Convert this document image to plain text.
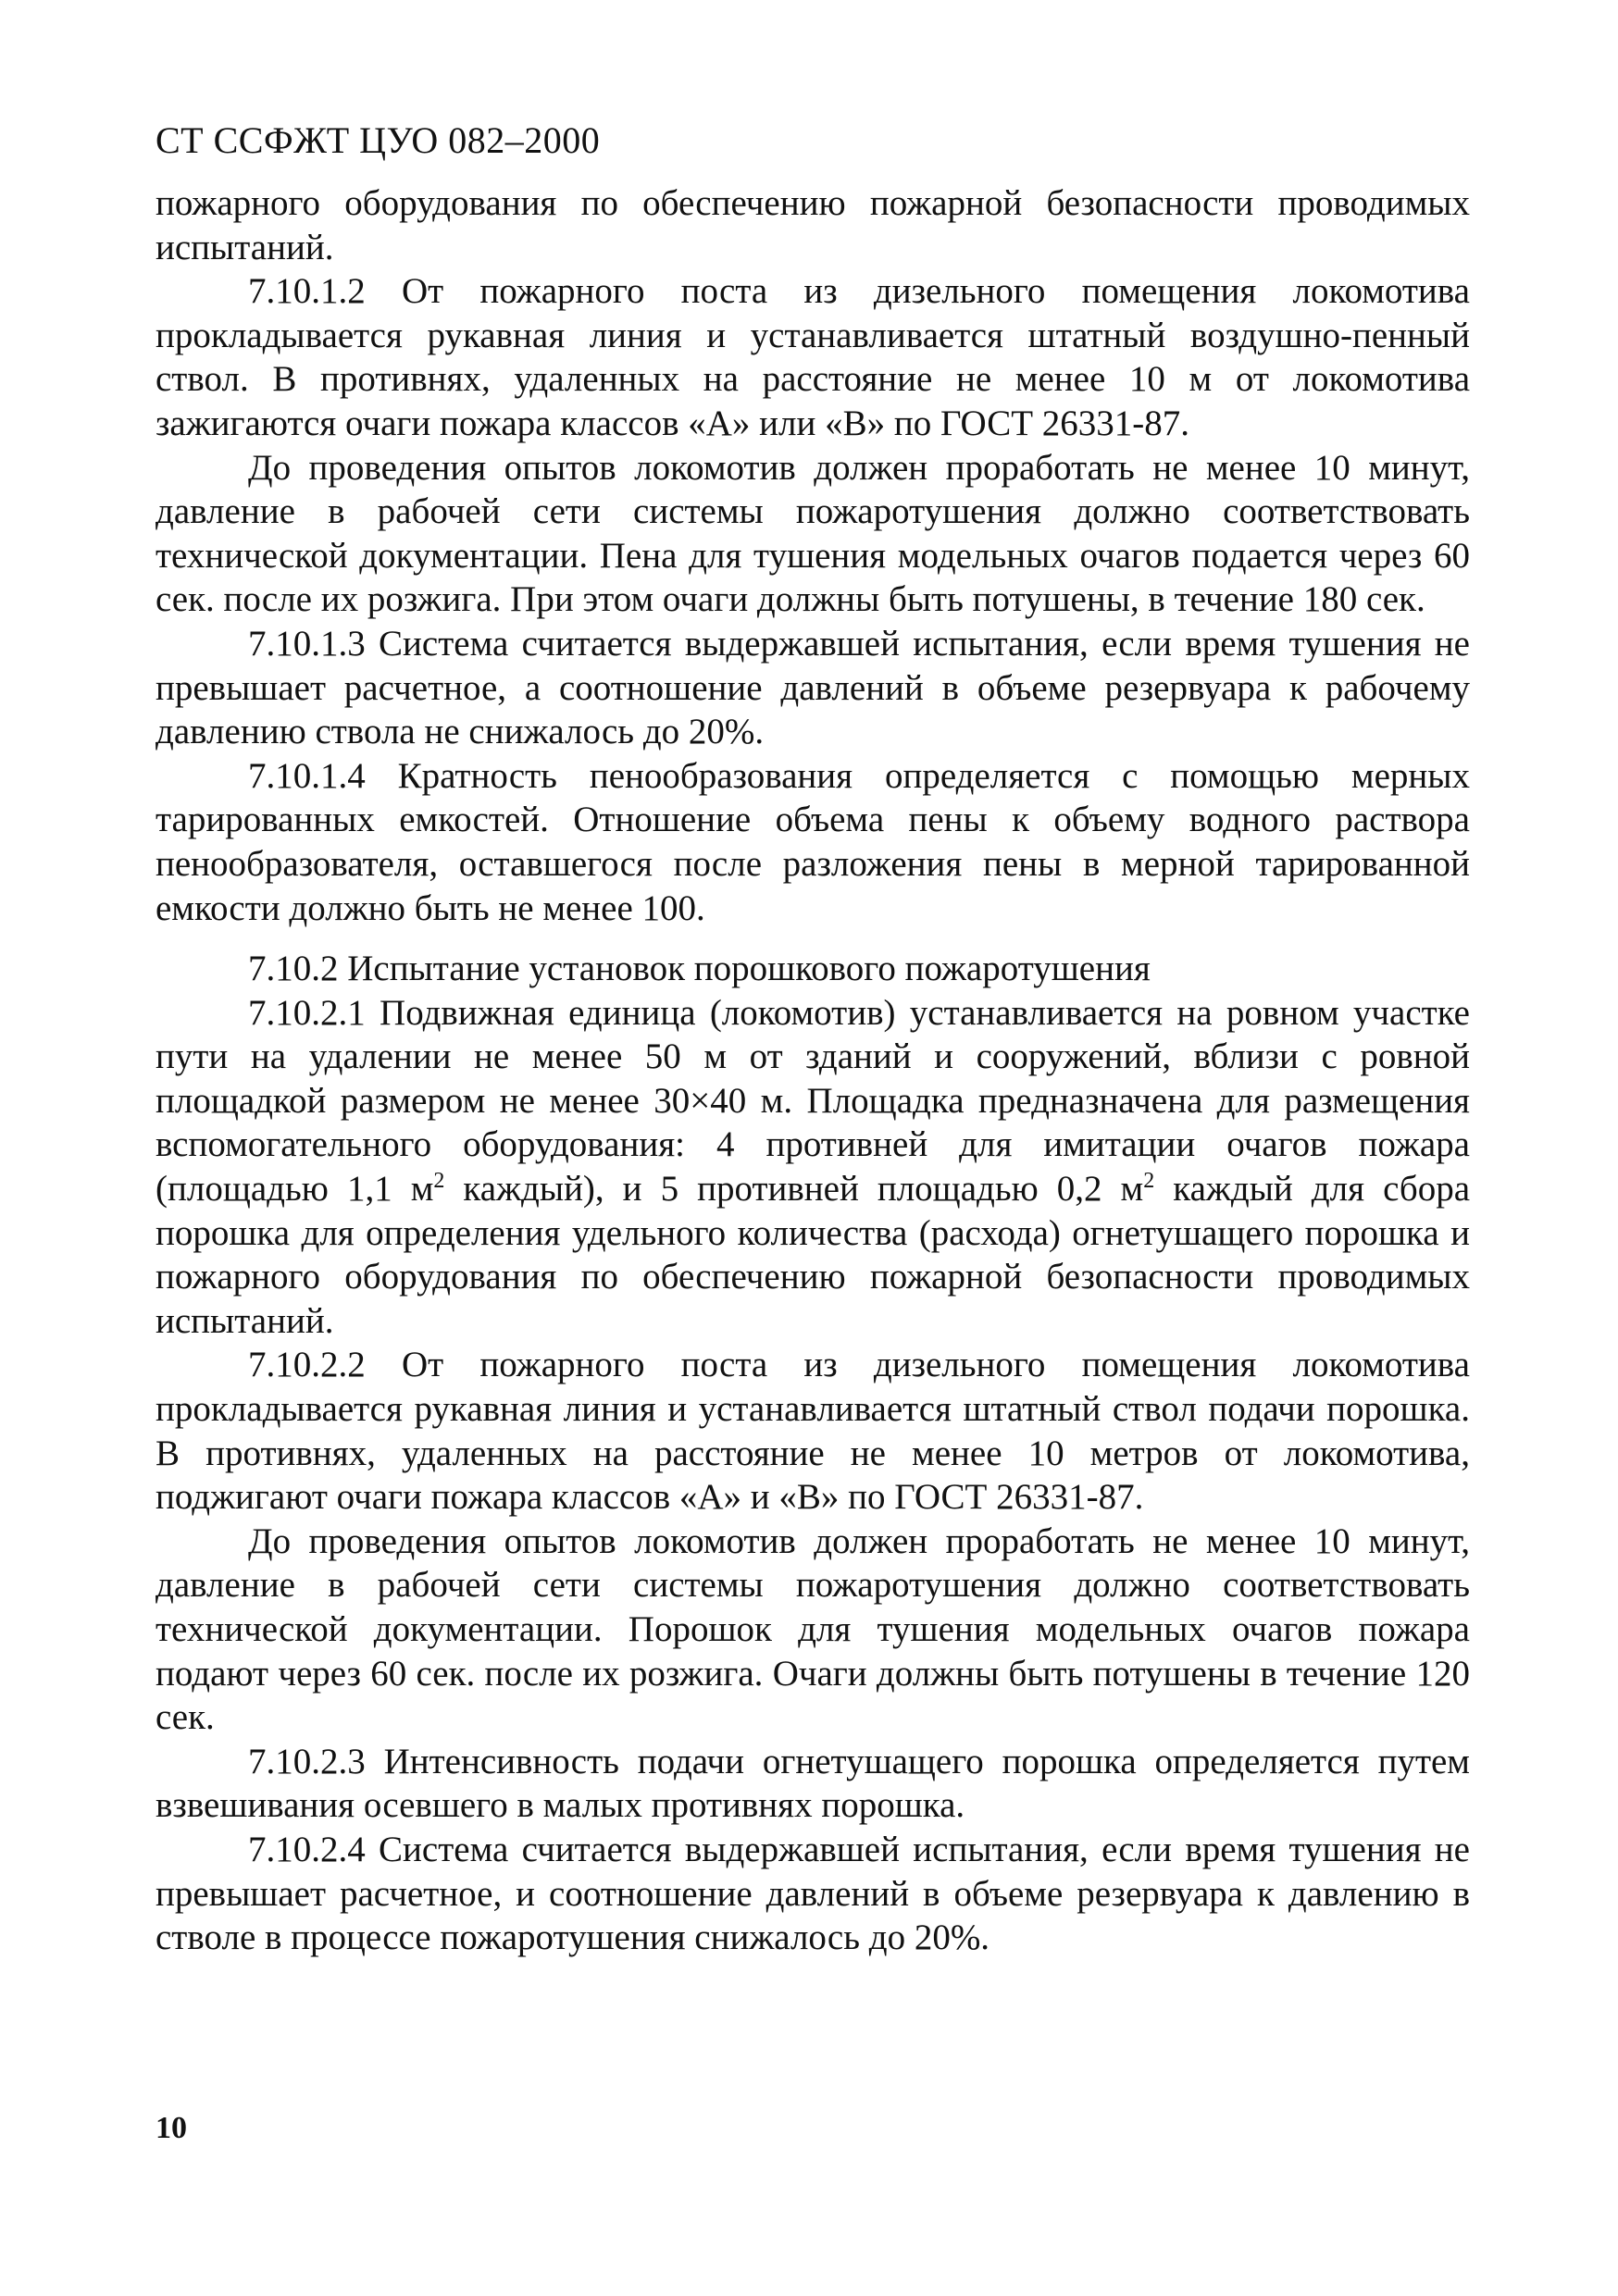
СТ ССФЖТ ЦУО 082–2000

пожарного оборудования по обеспечению пожарной безопасности проводимых испытаний.

7.10.1.2 От пожарного поста из дизельного помещения локомотива прокладывается рукавная линия и устанавливается штатный воздушно-пенный ствол. В противнях, удаленных на расстояние не менее 10 м от локомотива зажигаются очаги пожара классов «А» или «В» по ГОСТ 26331-87.

До проведения опытов локомотив должен проработать не менее 10 минут, давление в рабочей сети системы пожаротушения должно соответствовать технической документации. Пена для тушения модельных очагов подается через 60 сек. после их розжига. При этом очаги должны быть потушены, в течение 180 сек.

7.10.1.3 Система считается выдержавшей испытания, если время тушения не превышает расчетное, а соотношение давлений в объеме резервуара к рабочему давлению ствола не снижалось до 20%.

7.10.1.4 Кратность пенообразования определяется с помощью мерных тарированных емкостей. Отношение объема пены к объему водного раствора пенообразователя, оставшегося после разложения пены в мерной тарированной емкости должно быть не менее 100.

7.10.2 Испытание установок порошкового пожаротушения

7.10.2.1 Подвижная единица (локомотив) устанавливается на ровном участке пути на удалении не менее 50 м от зданий и сооружений, вблизи с ровной площадкой размером не менее 30×40 м. Площадка предназначена для размещения вспомогательного оборудования: 4 противней для имитации очагов пожара (площадью 1,1 $м^2$ каждый), и 5 противней площадью 0,2 $м^2$ каждый для сбора порошка для определения удельного количества (расхода) огнетушащего порошка и пожарного оборудования по обеспечению пожарной безопасности проводимых испытаний.

7.10.2.2 От пожарного поста из дизельного помещения локомотива прокладывается рукавная линия и устанавливается штатный ствол подачи порошка. В противнях, удаленных на расстояние не менее 10 метров от локомотива, поджигают очаги пожара классов «А» и «В» по ГОСТ 26331-87.

До проведения опытов локомотив должен проработать не менее 10 минут, давление в рабочей сети системы пожаротушения должно соответствовать технической документации. Порошок для тушения модельных очагов пожара подают через 60 сек. после их розжига. Очаги должны быть потушены в течение 120 сек.

7.10.2.3 Интенсивность подачи огнетушащего порошка определяется путем взвешивания осевшего в малых противнях порошка.

7.10.2.4 Система считается выдержавшей испытания, если время тушения не превышает расчетное, и соотношение давлений в объеме резервуара к давлению в стволе в процессе пожаротушения снижалось до 20%.

10
